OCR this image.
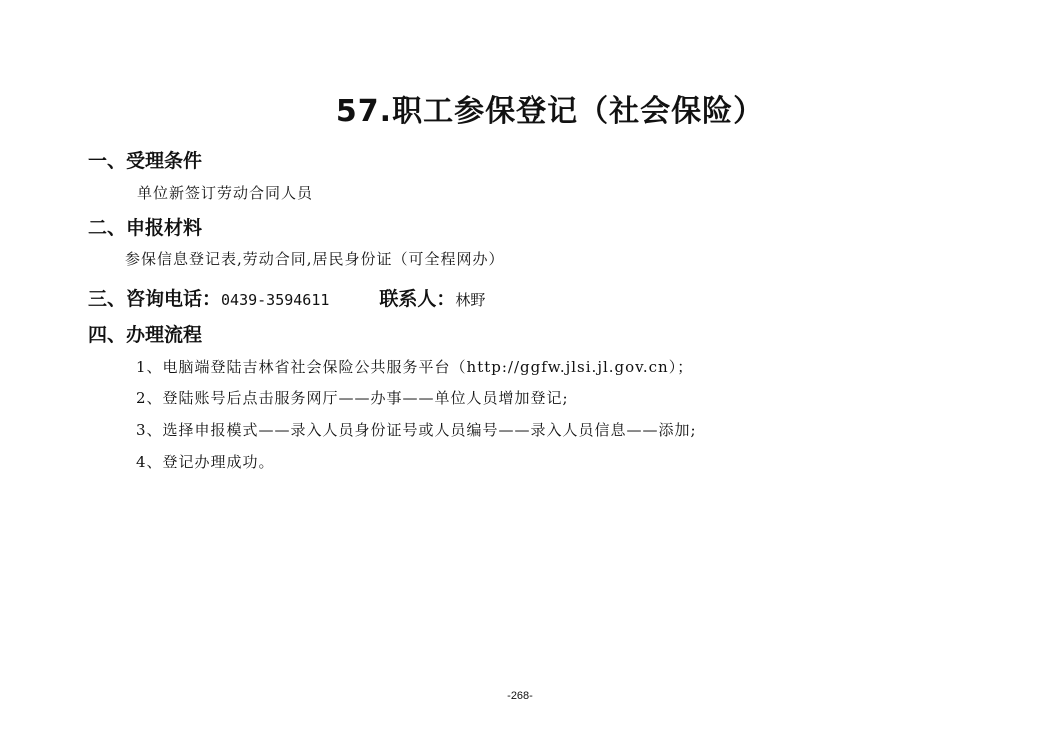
57.职工参保登记（社会保险）
一、受理条件
单位新签订劳动合同人员
二、申报材料
参保信息登记表,劳动合同,居民身份证（可全程网办）
三、咨询电话：0439-3594611	联系人：林野
四、办理流程
1、电脑端登陆吉林省社会保险公共服务平台（http://ggfw.jlsi.jl.gov.cn）；
2、登陆账号后点击服务网厅——办事——单位人员增加登记;
3、选择申报模式——录入人员身份证号或人员编号——录入人员信息——添加;
4、登记办理成功。
-268-
